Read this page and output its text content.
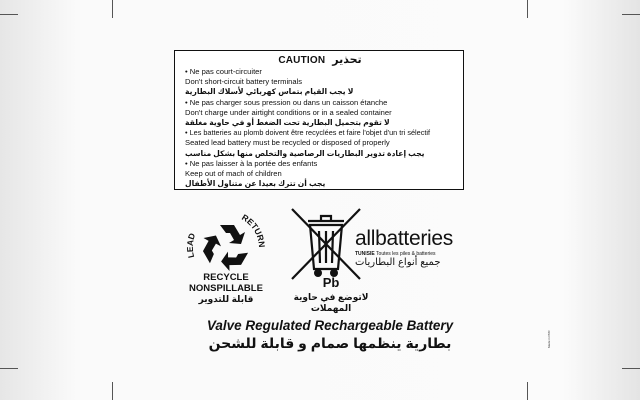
CAUTION تحذير
• Ne pas court-circuiter
Don't short-circuit battery terminals
لا يجب القيام بتماس كهربائي لأسلاك البطارية
• Ne pas charger sous pression ou dans un caisson étanche
Don't charge under airtight conditions or in a sealed container
لا تقوم بتحميل البطارية تحت الضغط أو في حاوية مغلقة
• Les batteries au plomb doivent être recyclées et faire l'objet d'un tri sélectif
Seated lead battery must be recycled or disposed of properly
يجب إعادة تدوير البطاريات الرصاصية والتخلص منها بشكل مناسب
• Ne pas laisser à la portée des enfants
Keep out of mach of children
يجب أن تترك بعيدا عن متناول الأطفال
LEAD
RETURN
RECYCLE
NONSPILLABLE
قابلة للتدوير
Pb
لاتوضع في حاوية المهملات
allbatteries
TUNISIE Toutes les piles & batteries
جميع أنواع البطاريات
Valve Regulated Rechargeable Battery
بطارية ينظمها صمام و قابلة للشحن	Made in PRC
